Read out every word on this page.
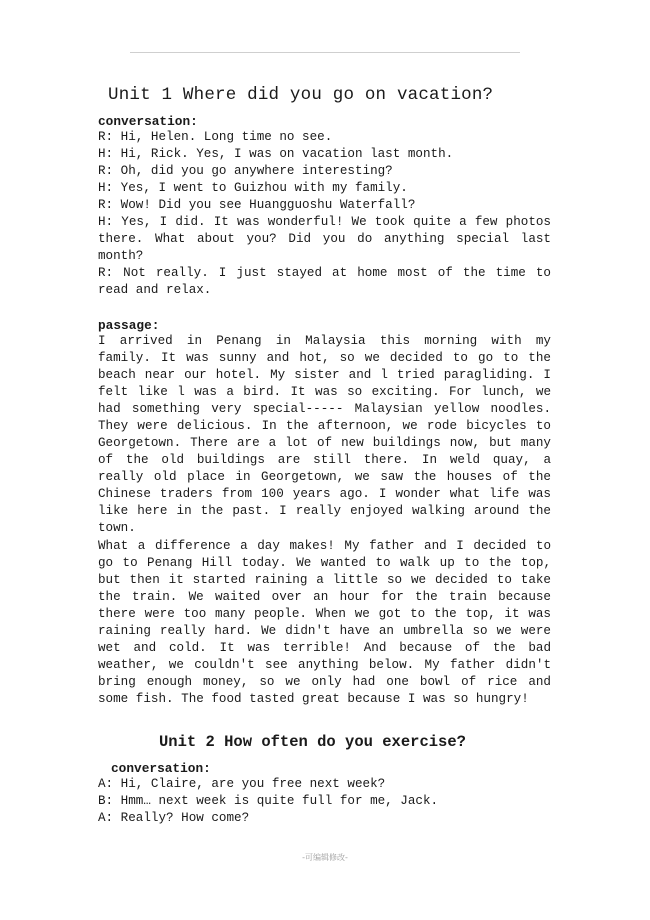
Unit 1 Where did you go on vacation?
conversation:
R: Hi, Helen. Long time no see.
H: Hi, Rick. Yes, I was on vacation last month.
R: Oh, did you go anywhere interesting?
H: Yes, I went to Guizhou with my family.
R: Wow! Did you see Huangguoshu Waterfall?
H: Yes, I did. It was wonderful! We took quite a few photos there. What about you? Did you do anything special last month?
R: Not really. I just stayed at home most of the time to read and relax.
passage:
I arrived in Penang in Malaysia this morning with my family. It was sunny and hot, so we decided to go to the beach near our hotel. My sister and l tried paragliding. I felt like l was a bird. It was so exciting. For lunch, we had something very special----- Malaysian yellow noodles. They were delicious. In the afternoon, we rode bicycles to Georgetown. There are a lot of new buildings now, but many of the old buildings are still there. In weld quay, a really old place in Georgetown, we saw the houses of the Chinese traders from 100 years ago. I wonder what life was like here in the past. I really enjoyed walking around the town.
What a difference a day makes! My father and I decided to go to Penang Hill today. We wanted to walk up to the top, but then it started raining a little so we decided to take the train. We waited over an hour for the train because there were too many people. When we got to the top, it was raining really hard. We didn't have an umbrella so we were wet and cold. It was terrible! And because of the bad weather, we couldn't see anything below. My father didn't bring enough money, so we only had one bowl of rice and some fish. The food tasted great because I was so hungry!
Unit 2 How often do you exercise?
conversation:
A: Hi, Claire, are you free next week?
B: Hmm… next week is quite full for me, Jack.
A: Really? How come?
-可编辑修改-
